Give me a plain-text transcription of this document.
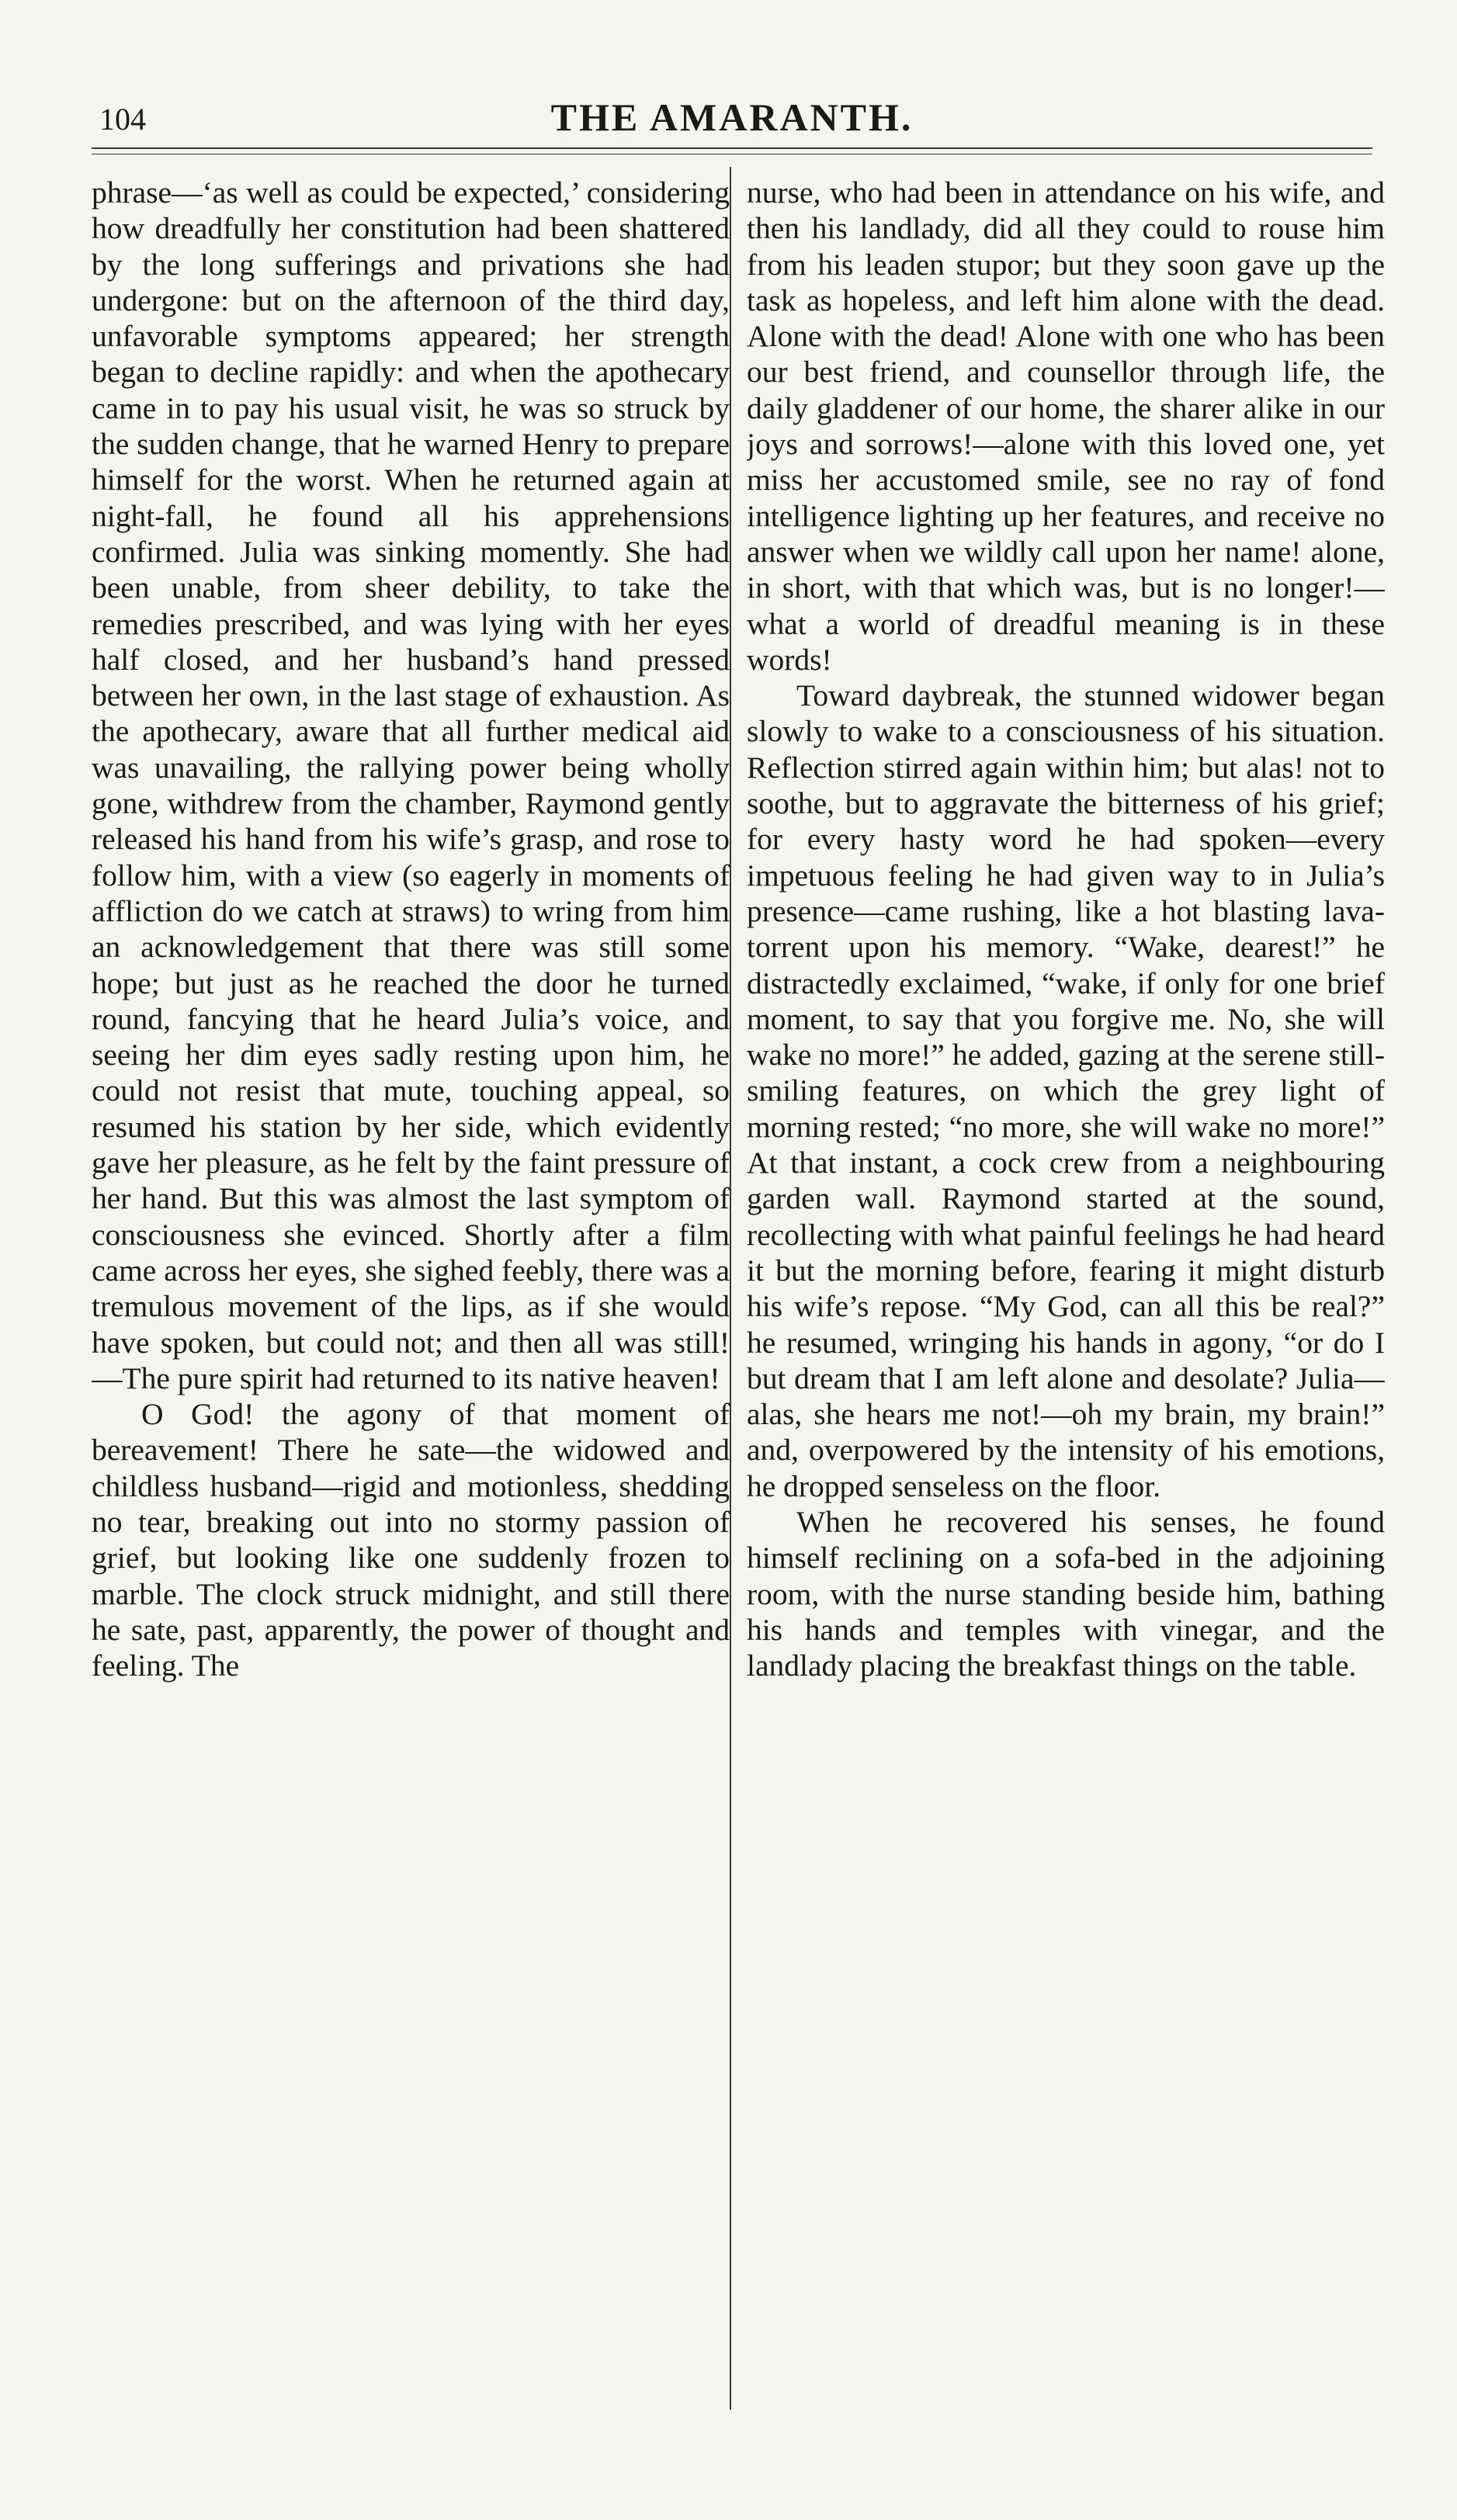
104	THE AMARANTH.

phrase—‘as well as could be expected,’ considering how dreadfully her constitution had been shattered by the long sufferings and privations she had undergone: but on the afternoon of the third day, unfavorable symptoms appeared; her strength began to decline rapidly: and when the apothecary came in to pay his usual visit, he was so struck by the sudden change, that he warned Henry to prepare himself for the worst. When he returned again at night-fall, he found all his apprehensions confirmed. Julia was sinking momently. She had been unable, from sheer debility, to take the remedies prescribed, and was lying with her eyes half closed, and her husband’s hand pressed between her own, in the last stage of exhaustion. As the apothecary, aware that all further medical aid was unavailing, the rallying power being wholly gone, withdrew from the chamber, Raymond gently released his hand from his wife’s grasp, and rose to follow him, with a view (so eagerly in moments of affliction do we catch at straws) to wring from him an acknowledgement that there was still some hope; but just as he reached the door he turned round, fancying that he heard Julia’s voice, and seeing her dim eyes sadly resting upon him, he could not resist that mute, touching appeal, so resumed his station by her side, which evidently gave her pleasure, as he felt by the faint pressure of her hand. But this was almost the last symptom of consciousness she evinced. Shortly after a film came across her eyes, she sighed feebly, there was a tremulous movement of the lips, as if she would have spoken, but could not; and then all was still!—The pure spirit had returned to its native heaven!

O God! the agony of that moment of bereavement! There he sate—the widowed and childless husband—rigid and motionless, shedding no tear, breaking out into no stormy passion of grief, but looking like one suddenly frozen to marble. The clock struck midnight, and still there he sate, past, apparently, the power of thought and feeling. The

nurse, who had been in attendance on his wife, and then his landlady, did all they could to rouse him from his leaden stupor; but they soon gave up the task as hopeless, and left him alone with the dead. Alone with the dead! Alone with one who has been our best friend, and counsellor through life, the daily gladdener of our home, the sharer alike in our joys and sorrows!—alone with this loved one, yet miss her accustomed smile, see no ray of fond intelligence lighting up her features, and receive no answer when we wildly call upon her name! alone, in short, with that which was, but is no longer!—what a world of dreadful meaning is in these words!

Toward daybreak, the stunned widower began slowly to wake to a consciousness of his situation. Reflection stirred again within him; but alas! not to soothe, but to aggravate the bitterness of his grief; for every hasty word he had spoken—every impetuous feeling he had given way to in Julia’s presence—came rushing, like a hot blasting lava-torrent upon his memory. “Wake, dearest!” he distractedly exclaimed, “wake, if only for one brief moment, to say that you forgive me. No, she will wake no more!” he added, gazing at the serene still-smiling features, on which the grey light of morning rested; “no more, she will wake no more!” At that instant, a cock crew from a neighbouring garden wall. Raymond started at the sound, recollecting with what painful feelings he had heard it but the morning before, fearing it might disturb his wife’s repose. “My God, can all this be real?” he resumed, wringing his hands in agony, “or do I but dream that I am left alone and desolate? Julia—alas, she hears me not!—oh my brain, my brain!” and, overpowered by the intensity of his emotions, he dropped senseless on the floor.

When he recovered his senses, he found himself reclining on a sofa-bed in the adjoining room, with the nurse standing beside him, bathing his hands and temples with vinegar, and the landlady placing the breakfast things on the table.
